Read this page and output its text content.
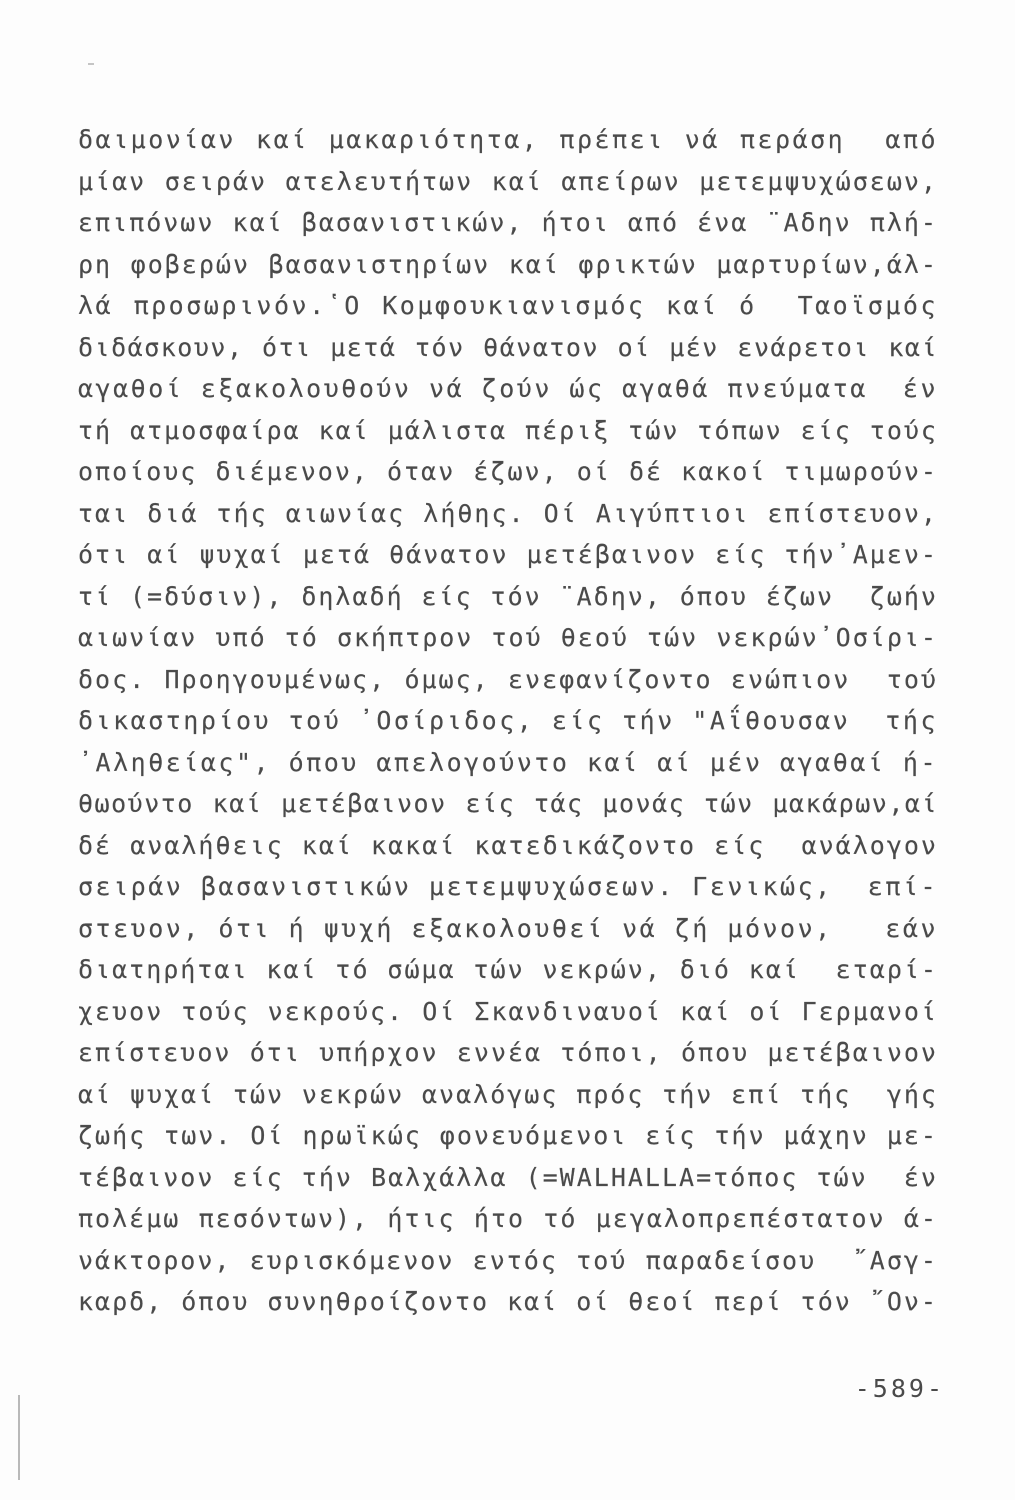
δαιμονίαν καί μακαριότητα, πρέπει νά περάση  από
μίαν σειράν ατελευτήτων καί απείρων μετεμψυχώσεων,
επιπόνων καί βασανιστικών, ήτοι από ένα ¨Αδην πλή-
ρη φοβερών βασανιστηρίων καί φρικτών μαρτυρίων,άλ-
λά προσωρινόν.῾Ο Κομφουκιανισμός καί ό  Ταοϊσμός
διδάσκουν, ότι μετά τόν θάνατον οί μέν ενάρετοι καί
αγαθοί εξακολουθούν νά ζούν ώς αγαθά πνεύματα  έν
τή ατμοσφαίρα καί μάλιστα πέριξ τών τόπων είς τούς
οποίους διέμενον, όταν έζων, οί δέ κακοί τιμωρούν-
ται διά τής αιωνίας λήθης. Οί Αιγύπτιοι επίστευον,
ότι αί ψυχαί μετά θάνατον μετέβαινον είς τήν᾽Αμεν-
τί (=δύσιν), δηλαδή είς τόν ¨Αδην, όπου έζων  ζωήν
αιωνίαν υπό τό σκήπτρον τού θεού τών νεκρών᾽Οσίρι-
δος. Προηγουμένως, όμως, ενεφανίζοντο ενώπιον  τού
δικαστηρίου τού ᾽Οσίριδος, είς τήν "Αΐθουσαν  τής
᾽Αληθείας", όπου απελογούντο καί αί μέν αγαθαί ή-
θωούντο καί μετέβαινον είς τάς μονάς τών μακάρων,αί
δέ αναλήθεις καί κακαί κατεδικάζοντο είς  ανάλογον
σειράν βασανιστικών μετεμψυχώσεων. Γενικώς,  επί-
στευον, ότι ή ψυχή εξακολουθεί νά ζή μόνον,   εάν
διατηρήται καί τό σώμα τών νεκρών, διό καί  εταρί-
χευον τούς νεκρούς. Οί Σκανδιναυοί καί οί Γερμανοί
επίστευον ότι υπήρχον εννέα τόποι, όπου μετέβαινον
αί ψυχαί τών νεκρών αναλόγως πρός τήν επί τής  γής
ζωής των. Οί ηρωϊκώς φονευόμενοι είς τήν μάχην με-
τέβαινον είς τήν Βαλχάλλα (=WALHALLA=τόπος τών  έν
πολέμω πεσόντων), ήτις ήτο τό μεγαλοπρεπέστατον ά-
νάκτορον, ευρισκόμενον εντός τού παραδείσου  ῎Ασγ-
καρδ, όπου συνηθροίζοντο καί οί θεοί περί τόν ῎Ον-
-589-
